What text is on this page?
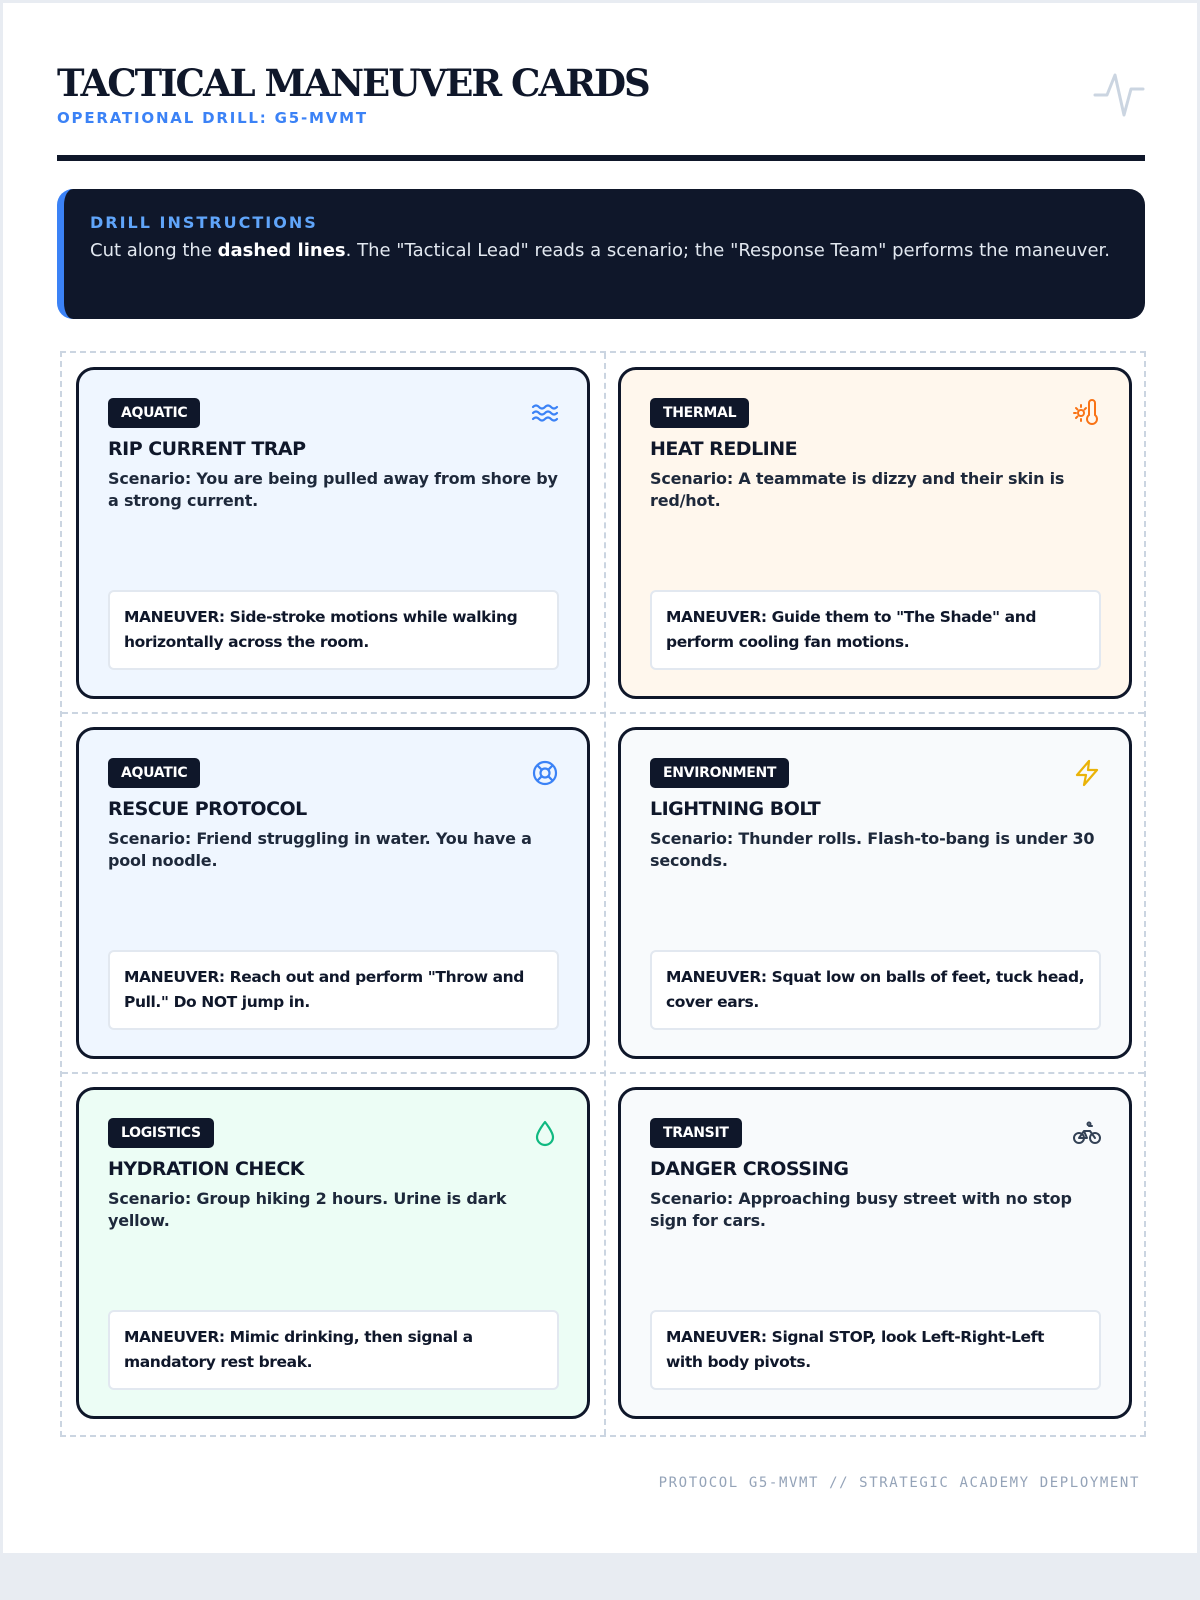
TACTICAL MANEUVER CARDS
OPERATIONAL DRILL: G5-MVMT
DRILL INSTRUCTIONS
Cut along the dashed lines. The "Tactical Lead" reads a scenario; the "Response Team" performs the maneuver.
AQUATIC
RIP CURRENT TRAP
Scenario: You are being pulled away from shore by a strong current.
MANEUVER: Side-stroke motions while walking horizontally across the room.
THERMAL
HEAT REDLINE
Scenario: A teammate is dizzy and their skin is red/hot.
MANEUVER: Guide them to "The Shade" and perform cooling fan motions.
AQUATIC
RESCUE PROTOCOL
Scenario: Friend struggling in water. You have a pool noodle.
MANEUVER: Reach out and perform "Throw and Pull." Do NOT jump in.
ENVIRONMENT
LIGHTNING BOLT
Scenario: Thunder rolls. Flash-to-bang is under 30 seconds.
MANEUVER: Squat low on balls of feet, tuck head, cover ears.
LOGISTICS
HYDRATION CHECK
Scenario: Group hiking 2 hours. Urine is dark yellow.
MANEUVER: Mimic drinking, then signal a mandatory rest break.
TRANSIT
DANGER CROSSING
Scenario: Approaching busy street with no stop sign for cars.
MANEUVER: Signal STOP, look Left-Right-Left with body pivots.
PROTOCOL G5-MVMT // STRATEGIC ACADEMY DEPLOYMENT
